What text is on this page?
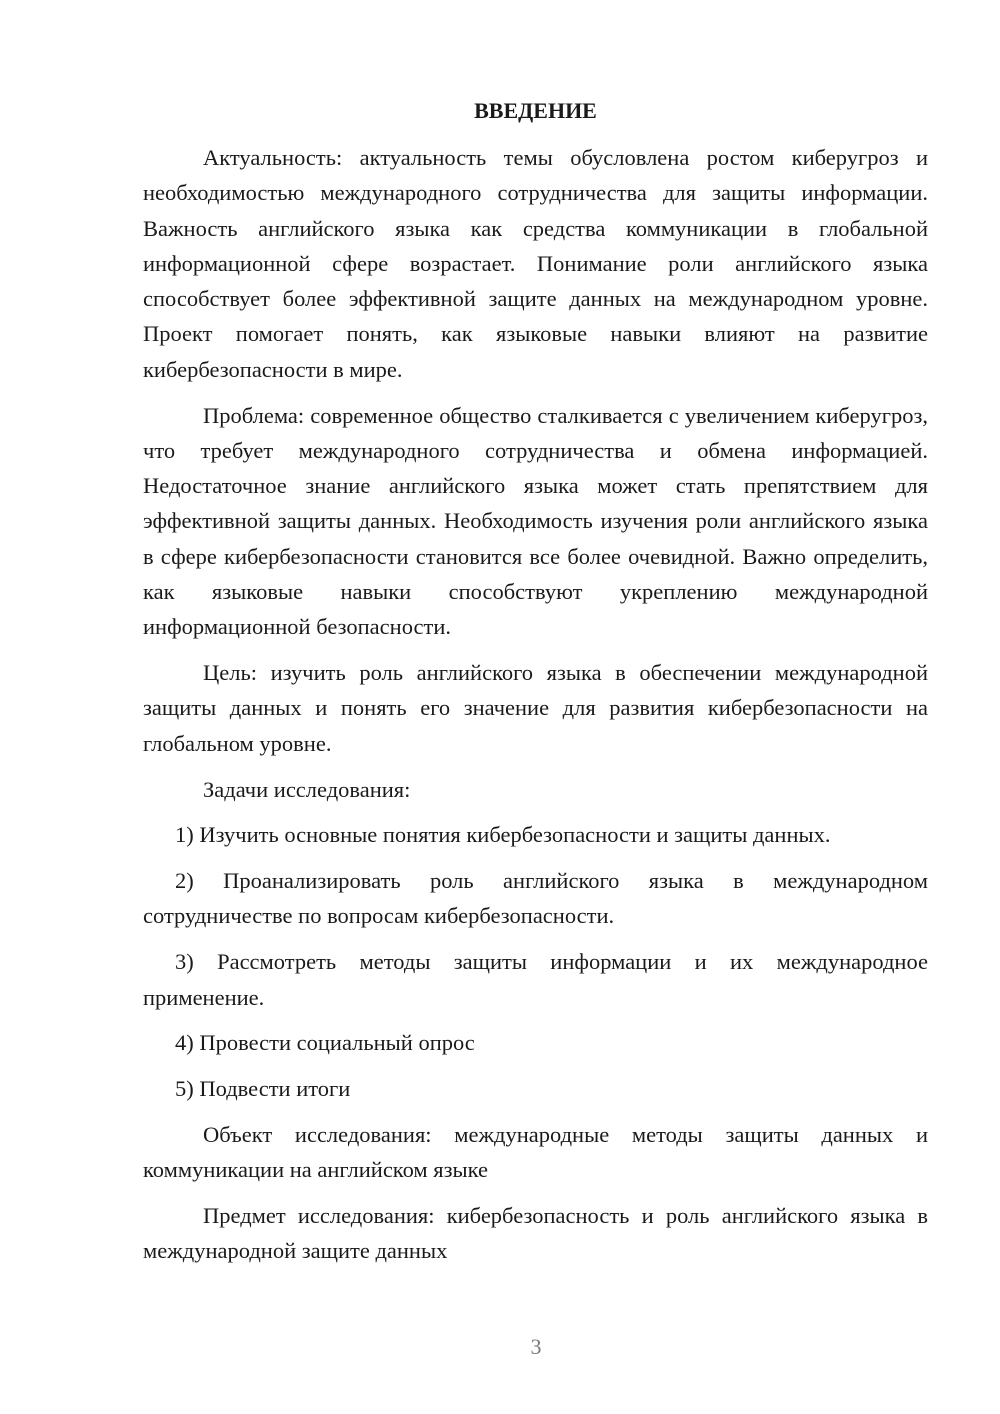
ВВЕДЕНИЕ

Актуальность: актуальность темы обусловлена ростом киберугроз и необходимостью международного сотрудничества для защиты информации. Важность английского языка как средства коммуникации в глобальной информационной сфере возрастает. Понимание роли английского языка способствует более эффективной защите данных на международном уровне. Проект помогает понять, как языковые навыки влияют на развитие кибербезопасности в мире.

Проблема: современное общество сталкивается с увеличением киберугроз, что требует международного сотрудничества и обмена информацией. Недостаточное знание английского языка может стать препятствием для эффективной защиты данных. Необходимость изучения роли английского языка в сфере кибербезопасности становится все более очевидной. Важно определить, как языковые навыки способствуют укреплению международной информационной безопасности.

Цель: изучить роль английского языка в обеспечении международной защиты данных и понять его значение для развития кибербезопасности на глобальном уровне.

Задачи исследования:

1) Изучить основные понятия кибербезопасности и защиты данных.

2) Проанализировать роль английского языка в международном сотрудничестве по вопросам кибербезопасности.

3) Рассмотреть методы защиты информации и их международное применение.

4) Провести социальный опрос

5) Подвести итоги

Объект исследования: международные методы защиты данных и коммуникации на английском языке

Предмет исследования: кибербезопасность и роль английского языка в международной защите данных

3
